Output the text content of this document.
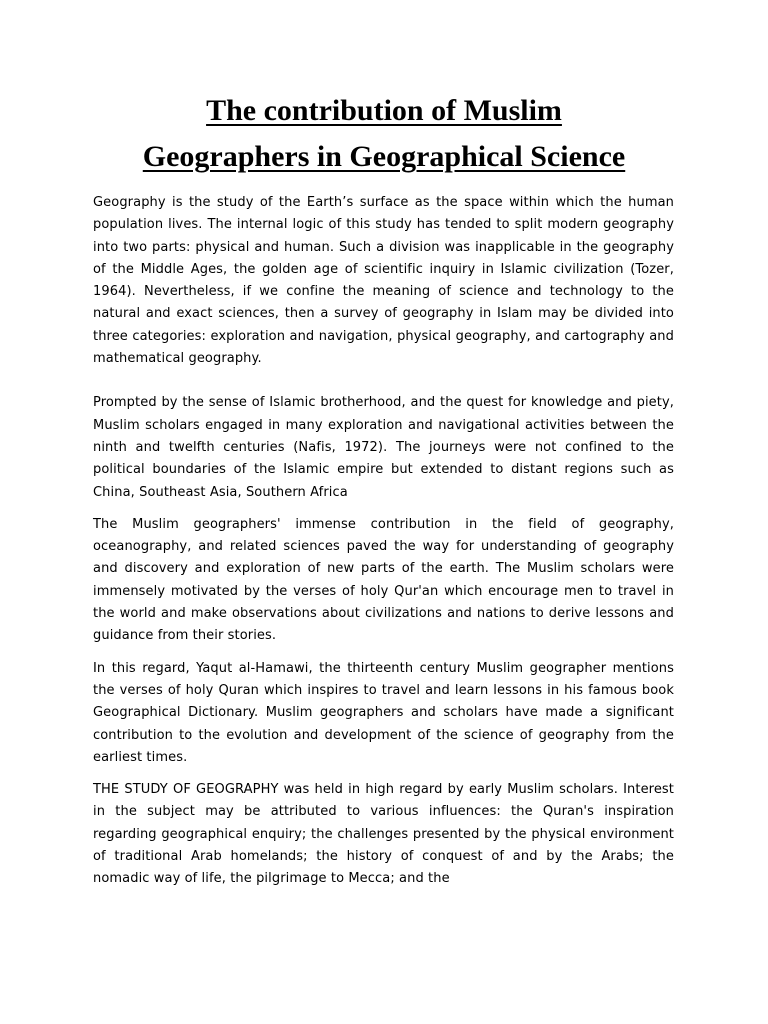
The contribution of Muslim
Geographers in Geographical Science

Geography is the study of the Earth’s surface as the space within which the human population lives. The internal logic of this study has tended to split modern geography into two parts: physical and human. Such a division was inapplicable in the geography of the Middle Ages, the golden age of scientific inquiry in Islamic civilization (Tozer, 1964). Nevertheless, if we confine the meaning of science and technology to the natural and exact sciences, then a survey of geography in Islam may be divided into three categories: exploration and navigation, physical geography, and cartography and mathematical geography.

Prompted by the sense of Islamic brotherhood, and the quest for knowledge and piety, Muslim scholars engaged in many exploration and navigational activities between the ninth and twelfth centuries (Nafis, 1972). The journeys were not confined to the political boundaries of the Islamic empire but extended to distant regions such as China, Southeast Asia, Southern Africa

The Muslim geographers' immense contribution in the field of geography, oceanography, and related sciences paved the way for understanding of geography and discovery and exploration of new parts of the earth. The Muslim scholars were immensely motivated by the verses of holy Qur'an which encourage men to travel in the world and make observations about civilizations and nations to derive lessons and guidance from their stories.

In this regard, Yaqut al-Hamawi, the thirteenth century Muslim geographer mentions the verses of holy Quran which inspires to travel and learn lessons in his famous book Geographical Dictionary. Muslim geographers and scholars have made a significant contribution to the evolution and development of the science of geography from the earliest times.

THE STUDY OF GEOGRAPHY was held in high regard by early Muslim scholars. Interest in the subject may be attributed to various influences: the Quran's inspiration regarding geographical enquiry; the challenges presented by the physical environment of traditional Arab homelands; the history of conquest of and by the Arabs; the nomadic way of life, the pilgrimage to Mecca; and the
